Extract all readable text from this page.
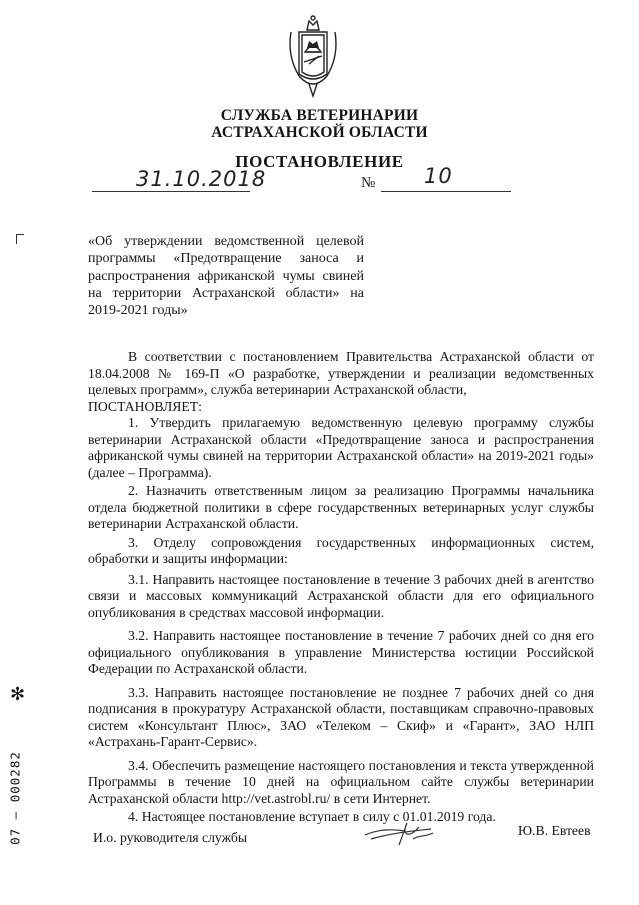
СЛУЖБА ВЕТЕРИНАРИИ
АСТРАХАНСКОЙ ОБЛАСТИ
ПОСТАНОВЛЕНИЕ
31.10.2018	№ 10
«Об утверждении ведомственной целевой программы «Предотвращение заноса и распространения африканской чумы свиней на территории Астраханской области» на 2019-2021 годы»

В соответствии с постановлением Правительства Астраханской области от 18.04.2008 № 169-П «О разработке, утверждении и реализации ведомственных целевых программ», служба ветеринарии Астраханской области,

ПОСТАНОВЛЯЕТ:

1. Утвердить прилагаемую ведомственную целевую программу службы ветеринарии Астраханской области «Предотвращение заноса и распространения африканской чумы свиней на территории Астраханской области» на 2019-2021 годы» (далее – Программа).

2. Назначить ответственным лицом за реализацию Программы начальника отдела бюджетной политики в сфере государственных ветеринарных услуг службы ветеринарии Астраханской области.

3. Отделу сопровождения государственных информационных систем, обработки и защиты информации:

3.1. Направить настоящее постановление в течение 3 рабочих дней в агентство связи и массовых коммуникаций Астраханской области для его официального опубликования в средствах массовой информации.

3.2. Направить настоящее постановление в течение 7 рабочих дней со дня его официального опубликования в управление Министерства юстиции Российской Федерации по Астраханской области.

3.3. Направить настоящее постановление не позднее 7 рабочих дней со дня подписания в прокуратуру Астраханской области, поставщикам справочно-правовых систем «Консультант Плюс», ЗАО «Телеком – Скиф» и «Гарант», ЗАО НЛП «Астрахань-Гарант-Сервис».

3.4. Обеспечить размещение настоящего постановления и текста утвержденной Программы в течение 10 дней на официальном сайте службы ветеринарии Астраханской области http://vet.astrobl.ru/ в сети Интернет.

4. Настоящее постановление вступает в силу с 01.01.2019 года.

✻
07 – 000282	И.о. руководителя службы	Ю.В. Евтеев
